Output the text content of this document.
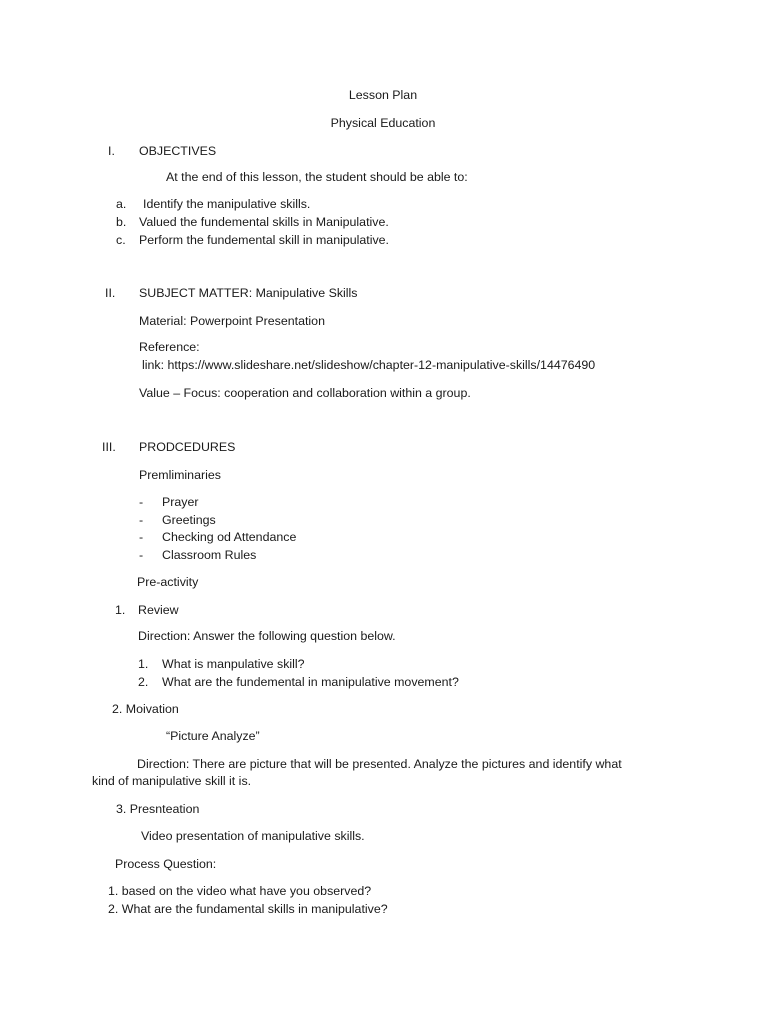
Lesson Plan
Physical Education
I. OBJECTIVES
At the end of this lesson, the student should be able to:
a. Identify the manipulative skills.
b. Valued the fundemental skills in Manipulative.
c. Perform the fundemental skill in manipulative.
II. SUBJECT MATTER: Manipulative Skills
Material: Powerpoint Presentation
Reference:
link: https://www.slideshare.net/slideshow/chapter-12-manipulative-skills/14476490
Value – Focus: cooperation and collaboration within a group.
III. PRODCEDURES
Premliminaries
- Prayer
- Greetings
- Checking od Attendance
- Classroom Rules
Pre-activity
1. Review
Direction: Answer the following question below.
1. What is manpulative skill?
2. What are the fundemental in manipulative movement?
2. Moivation
“Picture Analyze”
Direction: There are picture that will be presented. Analyze the pictures and identify what
kind of manipulative skill it is.
3. Presnteation
Video presentation of manipulative skills.
Process Question:
1. based on the video what have you observed?
2. What are the fundamental skills in manipulative?
